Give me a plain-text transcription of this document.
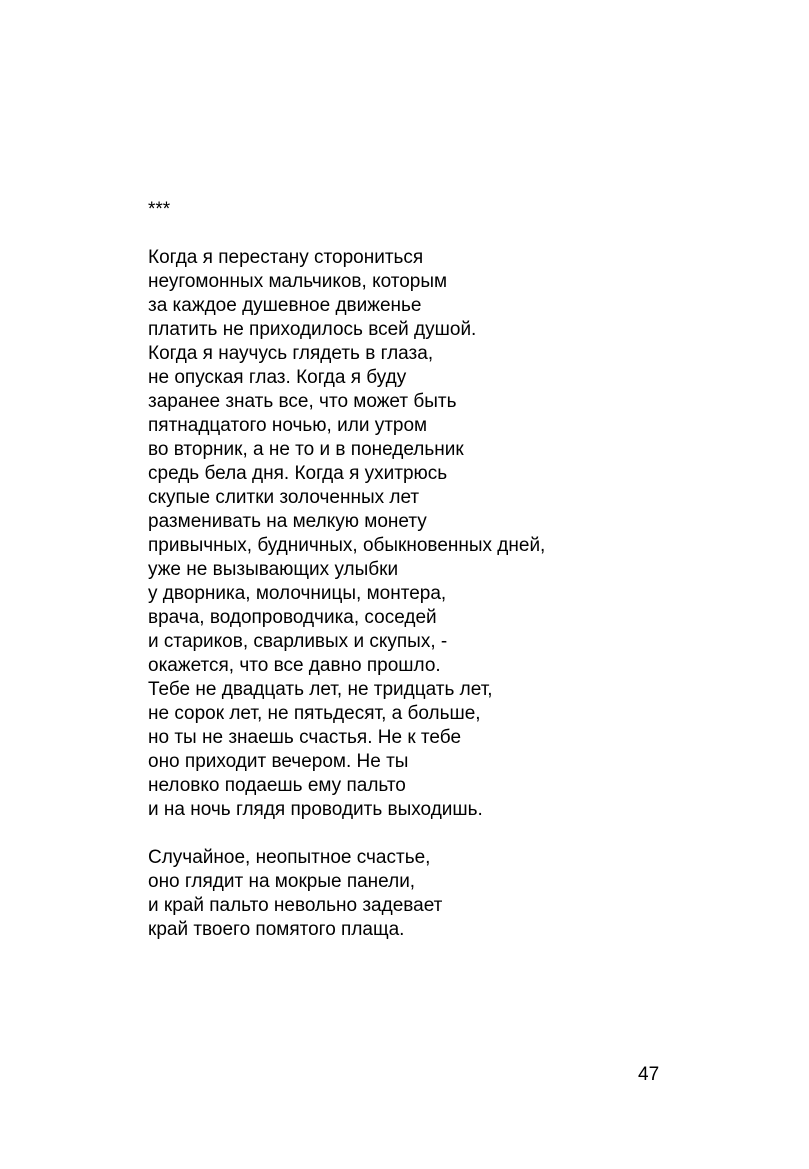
***
Когда я перестану сторониться
неугомонных мальчиков, которым
за каждое душевное движенье
платить не приходилось всей душой.
Когда я научусь глядеть в глаза,
не опуская глаз. Когда я буду
заранее знать все, что может быть
пятнадцатого ночью, или утром
во вторник, а не то и в понедельник
средь бела дня. Когда я ухитрюсь
скупые слитки золоченных лет
разменивать на мелкую монету
привычных, будничных, обыкновенных дней,
уже не вызывающих улыбки
у дворника, молочницы, монтера,
врача, водопроводчика, соседей
и стариков, сварливых и скупых, -
окажется, что все давно прошло.
Тебе не двадцать лет, не тридцать лет,
не сорок лет, не пятьдесят, а больше,
но ты не знаешь счастья. Не к тебе
оно приходит вечером. Не ты
неловко подаешь ему пальто
и на ночь глядя проводить выходишь.
Случайное, неопытное счастье,
оно глядит на мокрые панели,
и край пальто невольно задевает
край твоего помятого плаща.
47
